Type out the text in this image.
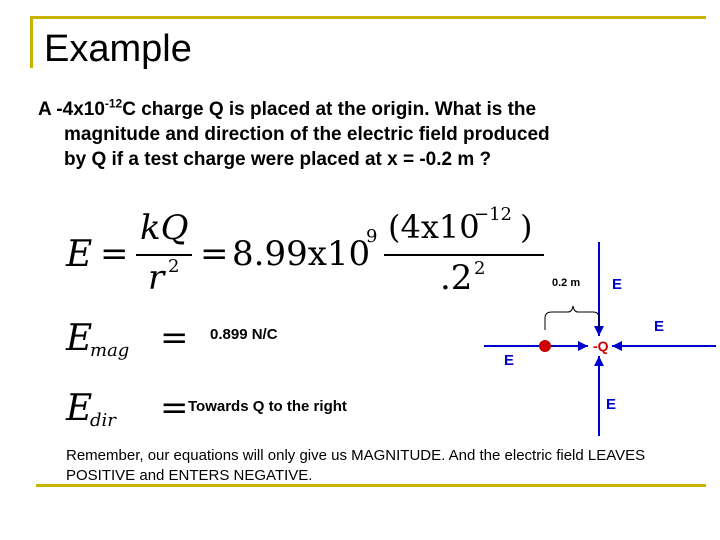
Example
A $-4x10^{-12}C$ charge Q is placed at the origin. What is the
magnitude and direction of the electric field produced
by Q if a test charge were placed at x = -0.2 m ?
E =
kQ
r 2 = 8.99x10
9 (4x10
−12 )
.2 2
E
mag = 0.899 N/C
E
dir = Towards Q to the right
0.2 m
-Q
E
E
E
E
Remember, our equations will only give us MAGNITUDE. And the electric field LEAVES POSITIVE and ENTERS NEGATIVE.
